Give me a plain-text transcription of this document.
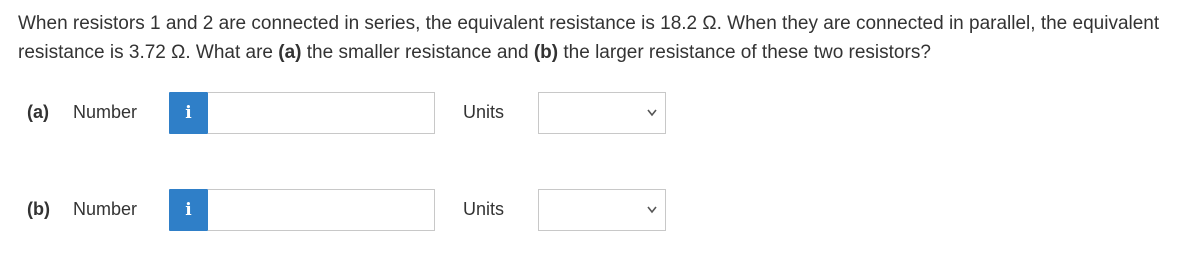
When resistors 1 and 2 are connected in series, the equivalent resistance is 18.2 Ω. When they are connected in parallel, the equivalent resistance is 3.72 Ω. What are (a) the smaller resistance and (b) the larger resistance of these two resistors?
(a) Number	i	Units
(b) Number	i	Units
